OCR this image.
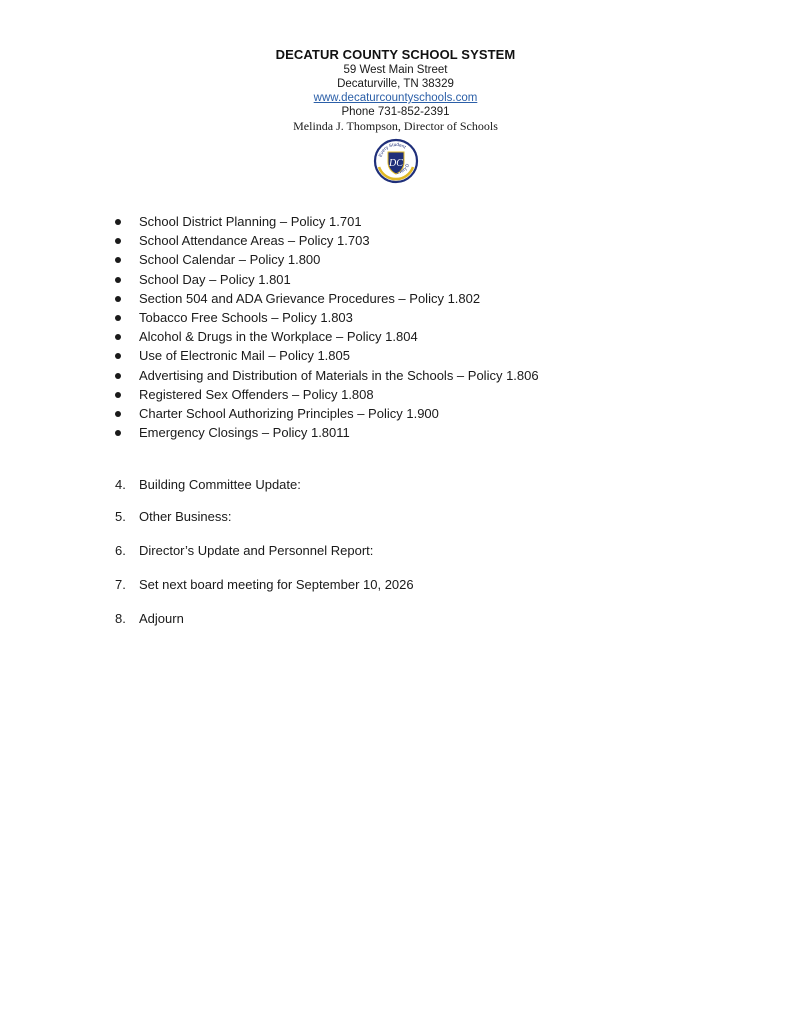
DECATUR COUNTY SCHOOL SYSTEM
59 West Main Street
Decaturville, TN 38329
www.decaturcountyschools.com
Phone 731-852-2391
Melinda J. Thompson, Director of Schools
DC
Every Student
Every D
School District Planning – Policy 1.701
School Attendance Areas – Policy 1.703
School Calendar – Policy 1.800
School Day – Policy 1.801
Section 504 and ADA Grievance Procedures – Policy 1.802
Tobacco Free Schools – Policy 1.803
Alcohol & Drugs in the Workplace – Policy 1.804
Use of Electronic Mail – Policy 1.805
Advertising and Distribution of Materials in the Schools – Policy 1.806
Registered Sex Offenders – Policy 1.808
Charter School Authorizing Principles – Policy 1.900
Emergency Closings – Policy 1.8011
4. Building Committee Update:
5. Other Business:
6. Director’s Update and Personnel Report:
7. Set next board meeting for September 10, 2026
8. Adjourn
